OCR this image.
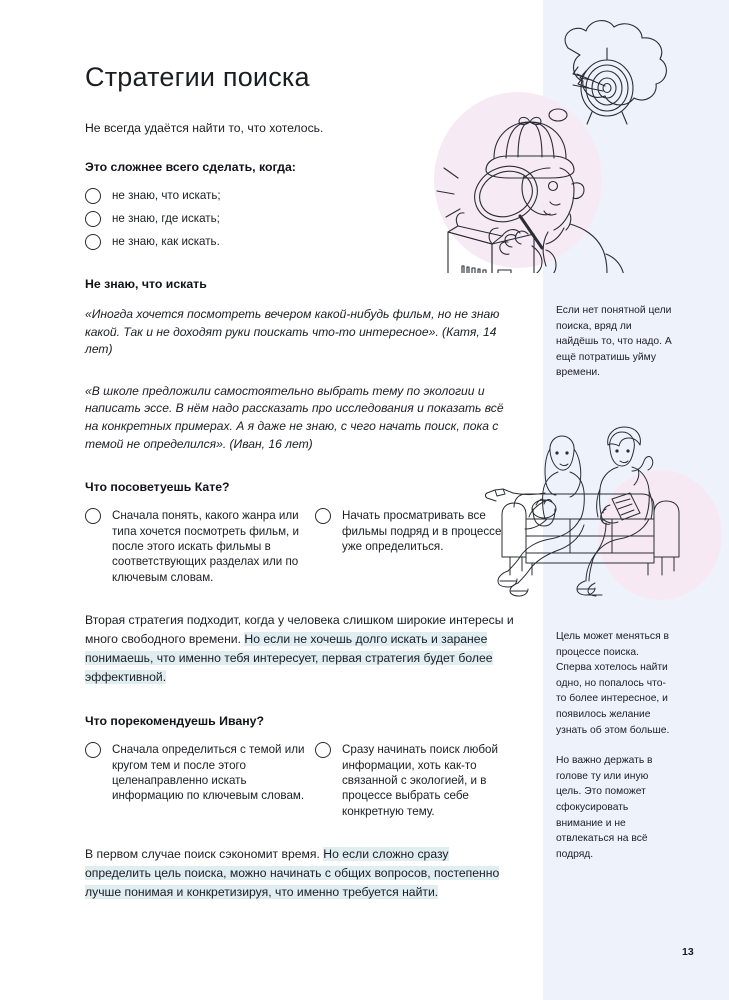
Стратегии поиска

Не всегда удаётся найти то, что хотелось.

Это сложнее всего сделать, когда:
не знаю, что искать;
не знаю, где искать;
не знаю, как искать.
Не знаю, что искать

«Иногда хочется посмотреть вечером какой-нибудь фильм, но не знаю какой. Так и не доходят руки поискать что-то интересное». (Катя, 14 лет)

«В школе предложили самостоятельно выбрать тему по экологии и написать эссе. В нём надо рассказать про исследования и показать всё на конкретных примерах. А я даже не знаю, с чего начать поиск, пока с темой не определился». (Иван, 16 лет)

Что посоветуешь Кате?
Сначала понять, какого жанра или типа хочется посмотреть фильм, и после этого искать фильмы в соответствующих разделах или по ключевым словам.
Начать просматривать все фильмы подряд и в процессе уже определиться.

Вторая стратегия подходит, когда у человека слишком широкие интересы и много свободного времени. Но если не хочешь долго искать и заранее понимаешь, что именно тебя интересует, первая стратегия будет более эффективной.

Что порекомендуешь Ивану?
Сначала определиться с темой или кругом тем и после этого целенаправленно искать информацию по ключевым словам.
Сразу начинать поиск любой информации, хоть как-то связанной с экологией, и в процессе выбрать себе конкретную тему.

В первом случае поиск сэкономит время. Но если сложно сразу определить цель поиска, можно начинать с общих вопросов, постепенно лучше понимая и конкретизируя, что именно требуется найти.

Если нет понятной цели поиска, вряд ли найдёшь то, что надо. А ещё потратишь уйму времени.

Цель может меняться в процессе поиска. Сперва хотелось найти одно, но попалось что-то более интересное, и появилось желание узнать об этом больше.

Но важно держать в голове ту или иную цель. Это поможет сфокусировать внимание и не отвлекаться на всё подряд.

13
